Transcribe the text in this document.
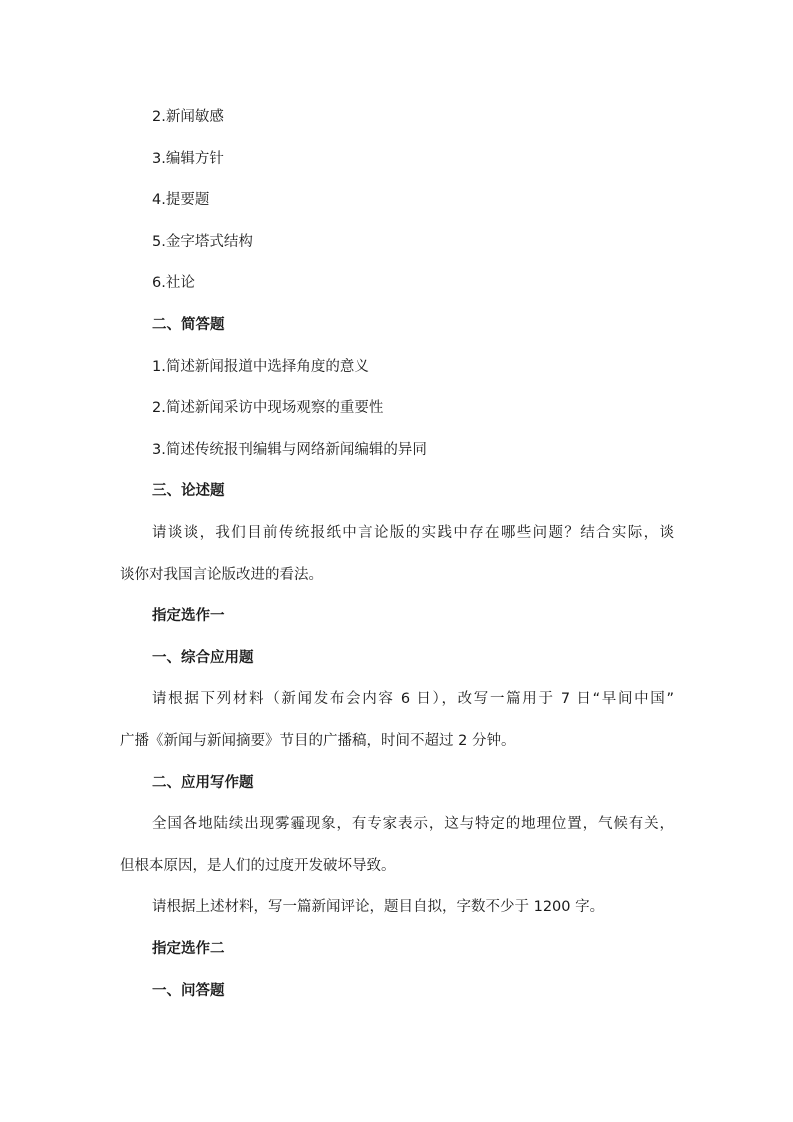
2.新闻敏感
3.编辑方针
4.提要题
5.金字塔式结构
6.社论
二、简答题
1.简述新闻报道中选择角度的意义
2.简述新闻采访中现场观察的重要性
3.简述传统报刊编辑与网络新闻编辑的异同
三、论述题
请谈谈，我们目前传统报纸中言论版的实践中存在哪些问题？结合实际，谈
谈你对我国言论版改进的看法。
指定选作一
一、综合应用题
请根据下列材料（新闻发布会内容 6 日），改写一篇用于 7 日“早间中国”
广播《新闻与新闻摘要》节目的广播稿，时间不超过 2 分钟。
二、应用写作题
全国各地陆续出现雾霾现象，有专家表示，这与特定的地理位置，气候有关，
但根本原因，是人们的过度开发破坏导致。
请根据上述材料，写一篇新闻评论，题目自拟，字数不少于 1200 字。
指定选作二
一、问答题
